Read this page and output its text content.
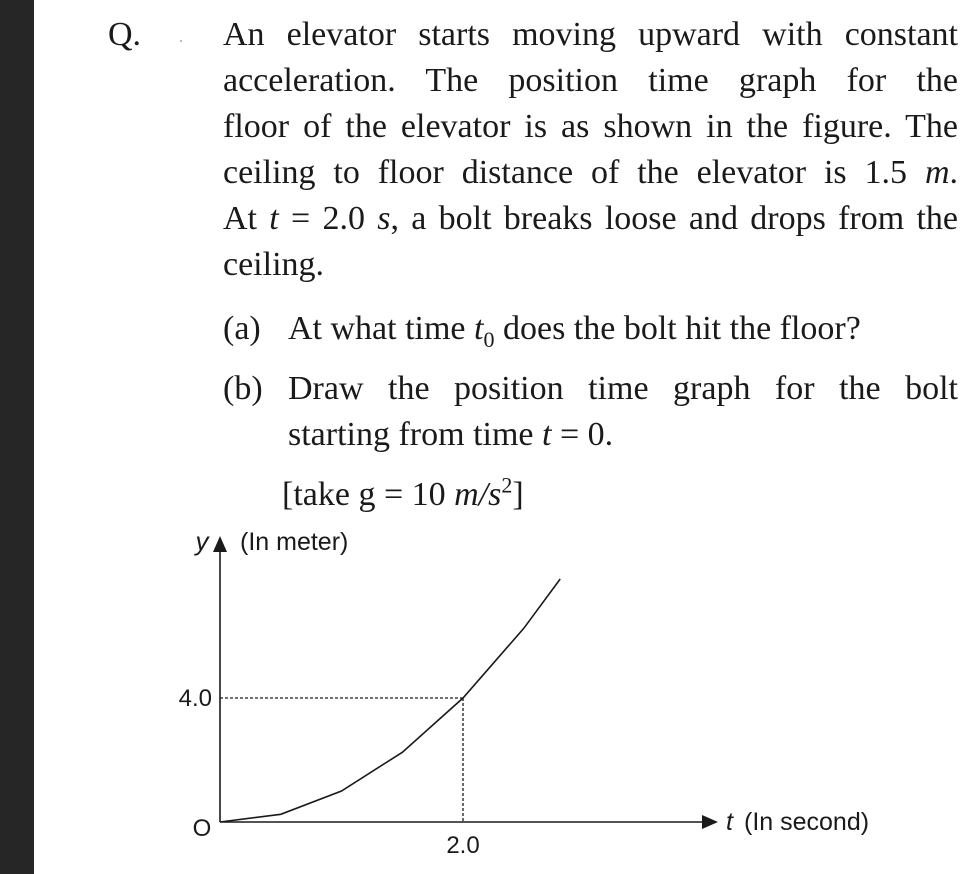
Q. An elevator starts moving upward with constant
acceleration. The position time graph for the
floor of the elevator is as shown in the figure. The
ceiling to floor distance of the elevator is 1.5 m.
At t = 2.0 s, a bolt breaks loose and drops from the
ceiling.
(a) At what time $t_0$ does the bolt hit the floor?
(b) Draw the position time graph for the bolt
starting from time t = 0.
[take g = 10 $m/s^2$]
4.0
2.0
O
y (In meter)
t (In second)
